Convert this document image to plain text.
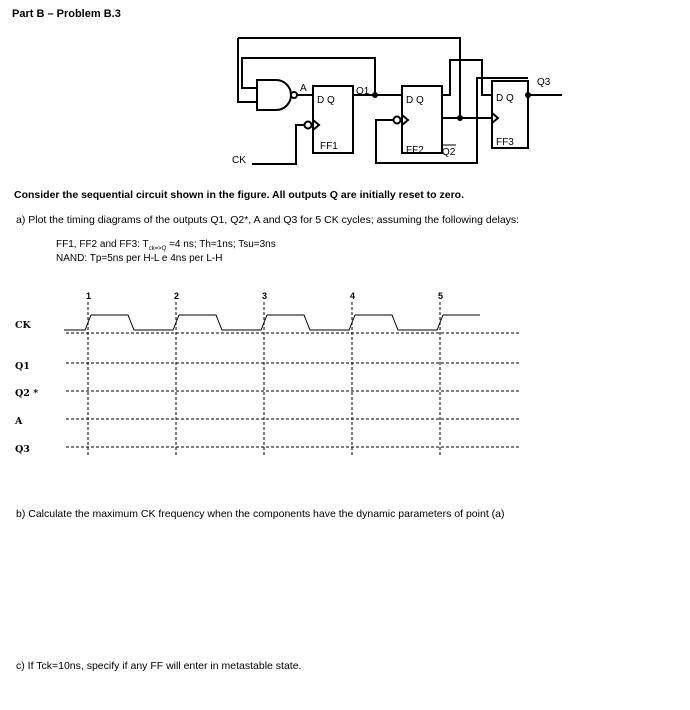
Part B – Problem B.3
A	Q1
Q3
CK
D Q	D Q	D Q
FF1	FF2
FF3
Q2
Consider the sequential circuit shown in the figure. All outputs Q are initially reset to zero.
a) Plot the timing diagrams of the outputs Q1, Q2*, A and Q3 for 5 CK cycles; assuming the following delays:
FF1, FF2 and FF3: $T_{ck=>Q} =4$ ns; Th=1ns; Tsu=3ns
NAND: Tp=5ns per H-L e 4ns per L-H
CK
Q1
Q2 *
A
Q3
1	2	3	4	5
b) Calculate the maximum CK frequency when the components have the dynamic parameters of point (a)
c) If Tck=10ns, specify if any FF will enter in metastable state.
